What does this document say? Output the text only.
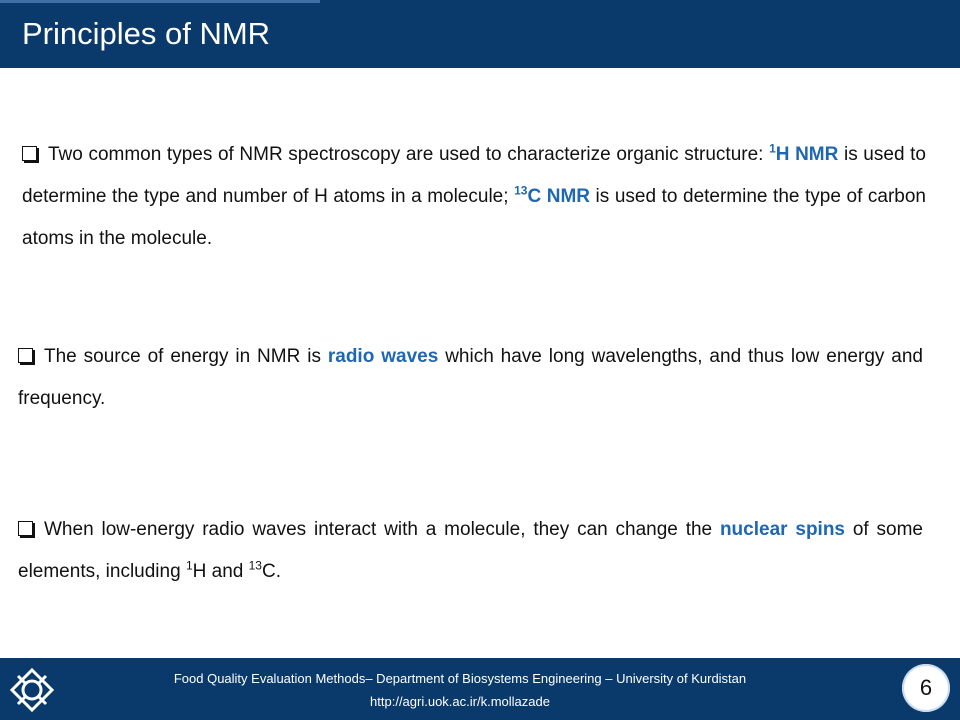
Principles of NMR
Two common types of NMR spectroscopy are used to characterize organic structure: $^1$H NMR is used to determine the type and number of H atoms in a molecule; $^{13}$C NMR is used to determine the type of carbon atoms in the molecule.
The source of energy in NMR is radio waves which have long wavelengths, and thus low energy and frequency.
When low-energy radio waves interact with a molecule, they can change the nuclear spins of some elements, including $^1$H and $^{13}$C.
Food Quality Evaluation Methods– Department of Biosystems Engineering – University of Kurdistan
http://agri.uok.ac.ir/k.mollazade
6
